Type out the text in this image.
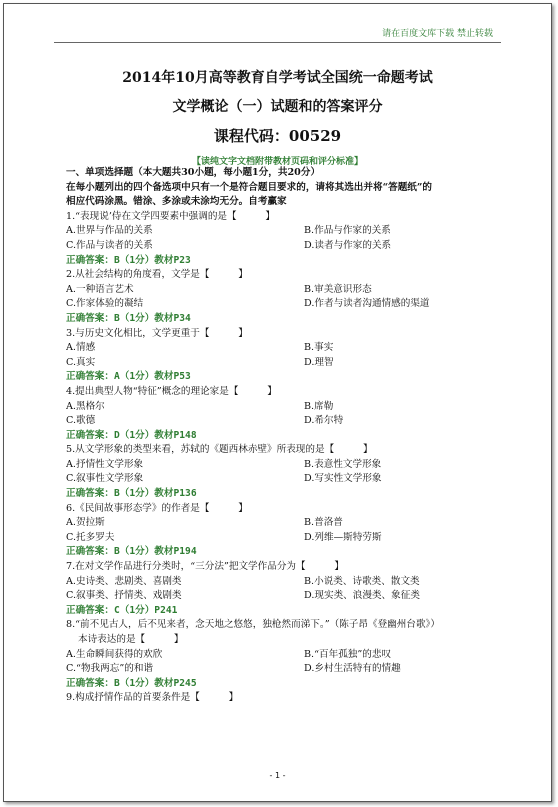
请在百度文库下载 禁止转载
2014年10月高等教育自学考试全国统一命题考试
文学概论（一）试题和的答案评分
课程代码：00529
【读纯文字文档附带教材页码和评分标准】
一、单项选择题（本大题共30小题，每小题1分，共20分）
在每小题列出的四个备选项中只有一个是符合题目要求的，请将其选出并将“答题纸”的
相应代码涂黑。错涂、多涂或未涂均无分。自考赢家
1.“表现说’侍在文学四要素中强调的是【　　　】
A.世界与作品的关系	B.作品与作家的关系
C.作品与读者的关系	D.读者与作家的关系
正确答案：B（1分）教材P23
2.从社会结构的角度看，文学是【　　　】
A.一种语言艺术	B.审美意识形态
C.作家体验的凝结	D.作者与读者沟通情感的渠道
正确答案：B（1分）教材P34
3.与历史文化相比，文学更重于【　　　】
A.情感	B.事实
C.真实	D.理智
正确答案：A（1分）教材P53
4.提出典型人物“特征”概念的理论家是【　　　】
A.黑格尔	B.席勒
C.歌德	D.希尔特
正确答案：D（1分）教材P148
5.从文学形象的类型来看，苏轼的《题西林赤壁》所表现的是【　　　】
A.抒情性文学形象	B.表意性文学形象
C.叙事性文学形象	D.写实性文学形象
正确答案：B（1分）教材P136
6.《民间故事形态学》的作者是【　　　】
A.贺拉斯	B.普洛普
C.托多罗夫	D.列维—斯特劳斯
正确答案：B（1分）教材P194
7.在对文学作品进行分类时，“三分法”把文学作品分为【　　　】
A.史诗类、悲剧类、喜剧类	B.小说类、诗歌类、散文类
C.叙事类、抒情类、戏剧类	D.现实类、浪漫类、象征类
正确答案：C（1分）P241
8.“前不见古人，后不见来者，念天地之悠悠，独枪然而涕下。”（陈子昂《登幽州台歌》）
本诗表达的是【　　　】
A.生命瞬间获得的欢欣	B.“百年孤独”的悲叹
C.“物我两忘”的和谐	D.乡村生活特有的情趣
正确答案：B（1分）教材P245
9.构成抒情作品的首要条件是【　　　】
- 1 -
